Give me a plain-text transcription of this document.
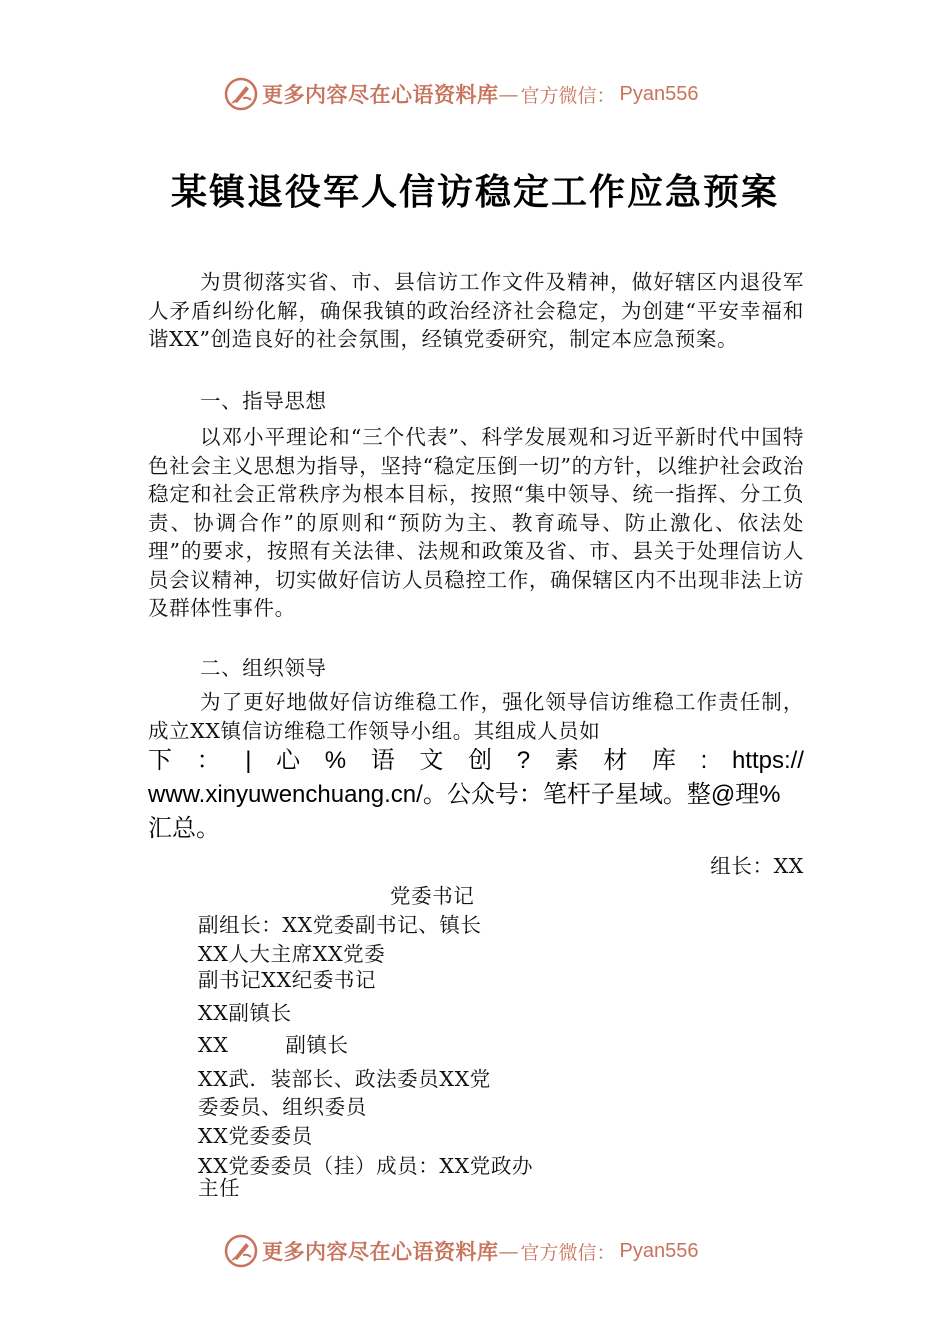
更多内容尽在心语资料库 — 官方微信： Pyan556
某镇退役军人信访稳定工作应急预案

为贯彻落实省、市、县信访工作文件及精神，做好辖区内退役军人矛盾纠纷化解，确保我镇的政治经济社会稳定，为创建“平安幸福和谐XX”创造良好的社会氛围，经镇党委研究，制定本应急预案。

一、指导思想

以邓小平理论和“三个代表”、科学发展观和习近平新时代中国特色社会主义思想为指导，坚持“稳定压倒一切”的方针，以维护社会政治稳定和社会正常秩序为根本目标，按照“集中领导、统一指挥、分工负责、协调合作”的原则和“预防为主、教育疏导、防止激化、依法处理”的要求，按照有关法律、法规和政策及省、市、县关于处理信访人员会议精神，切实做好信访人员稳控工作，确保辖区内不出现非法上访及群体性事件。

二、组织领导

为了更好地做好信访维稳工作，强化领导信访维稳工作责任制，成立XX镇信访维稳工作领导小组。其组成人员如

下 ： | 心 % 语 文 创 ? 素 材 库 : https://
www.xinyuwenchuang.cn/。公众号：笔杆子星域。整@理%
汇总。

组长：XX

党委书记

副组长：XX党委副书记、镇长

XX人大主席XX党委

副书记XX纪委书记

XX副镇长

XX        副镇长

XX武．装部长、政法委员XX党

委委员、组织委员

XX党委委员

XX党委委员（挂）成员：XX党政办

主任

更多内容尽在心语资料库 — 官方微信： Pyan556
